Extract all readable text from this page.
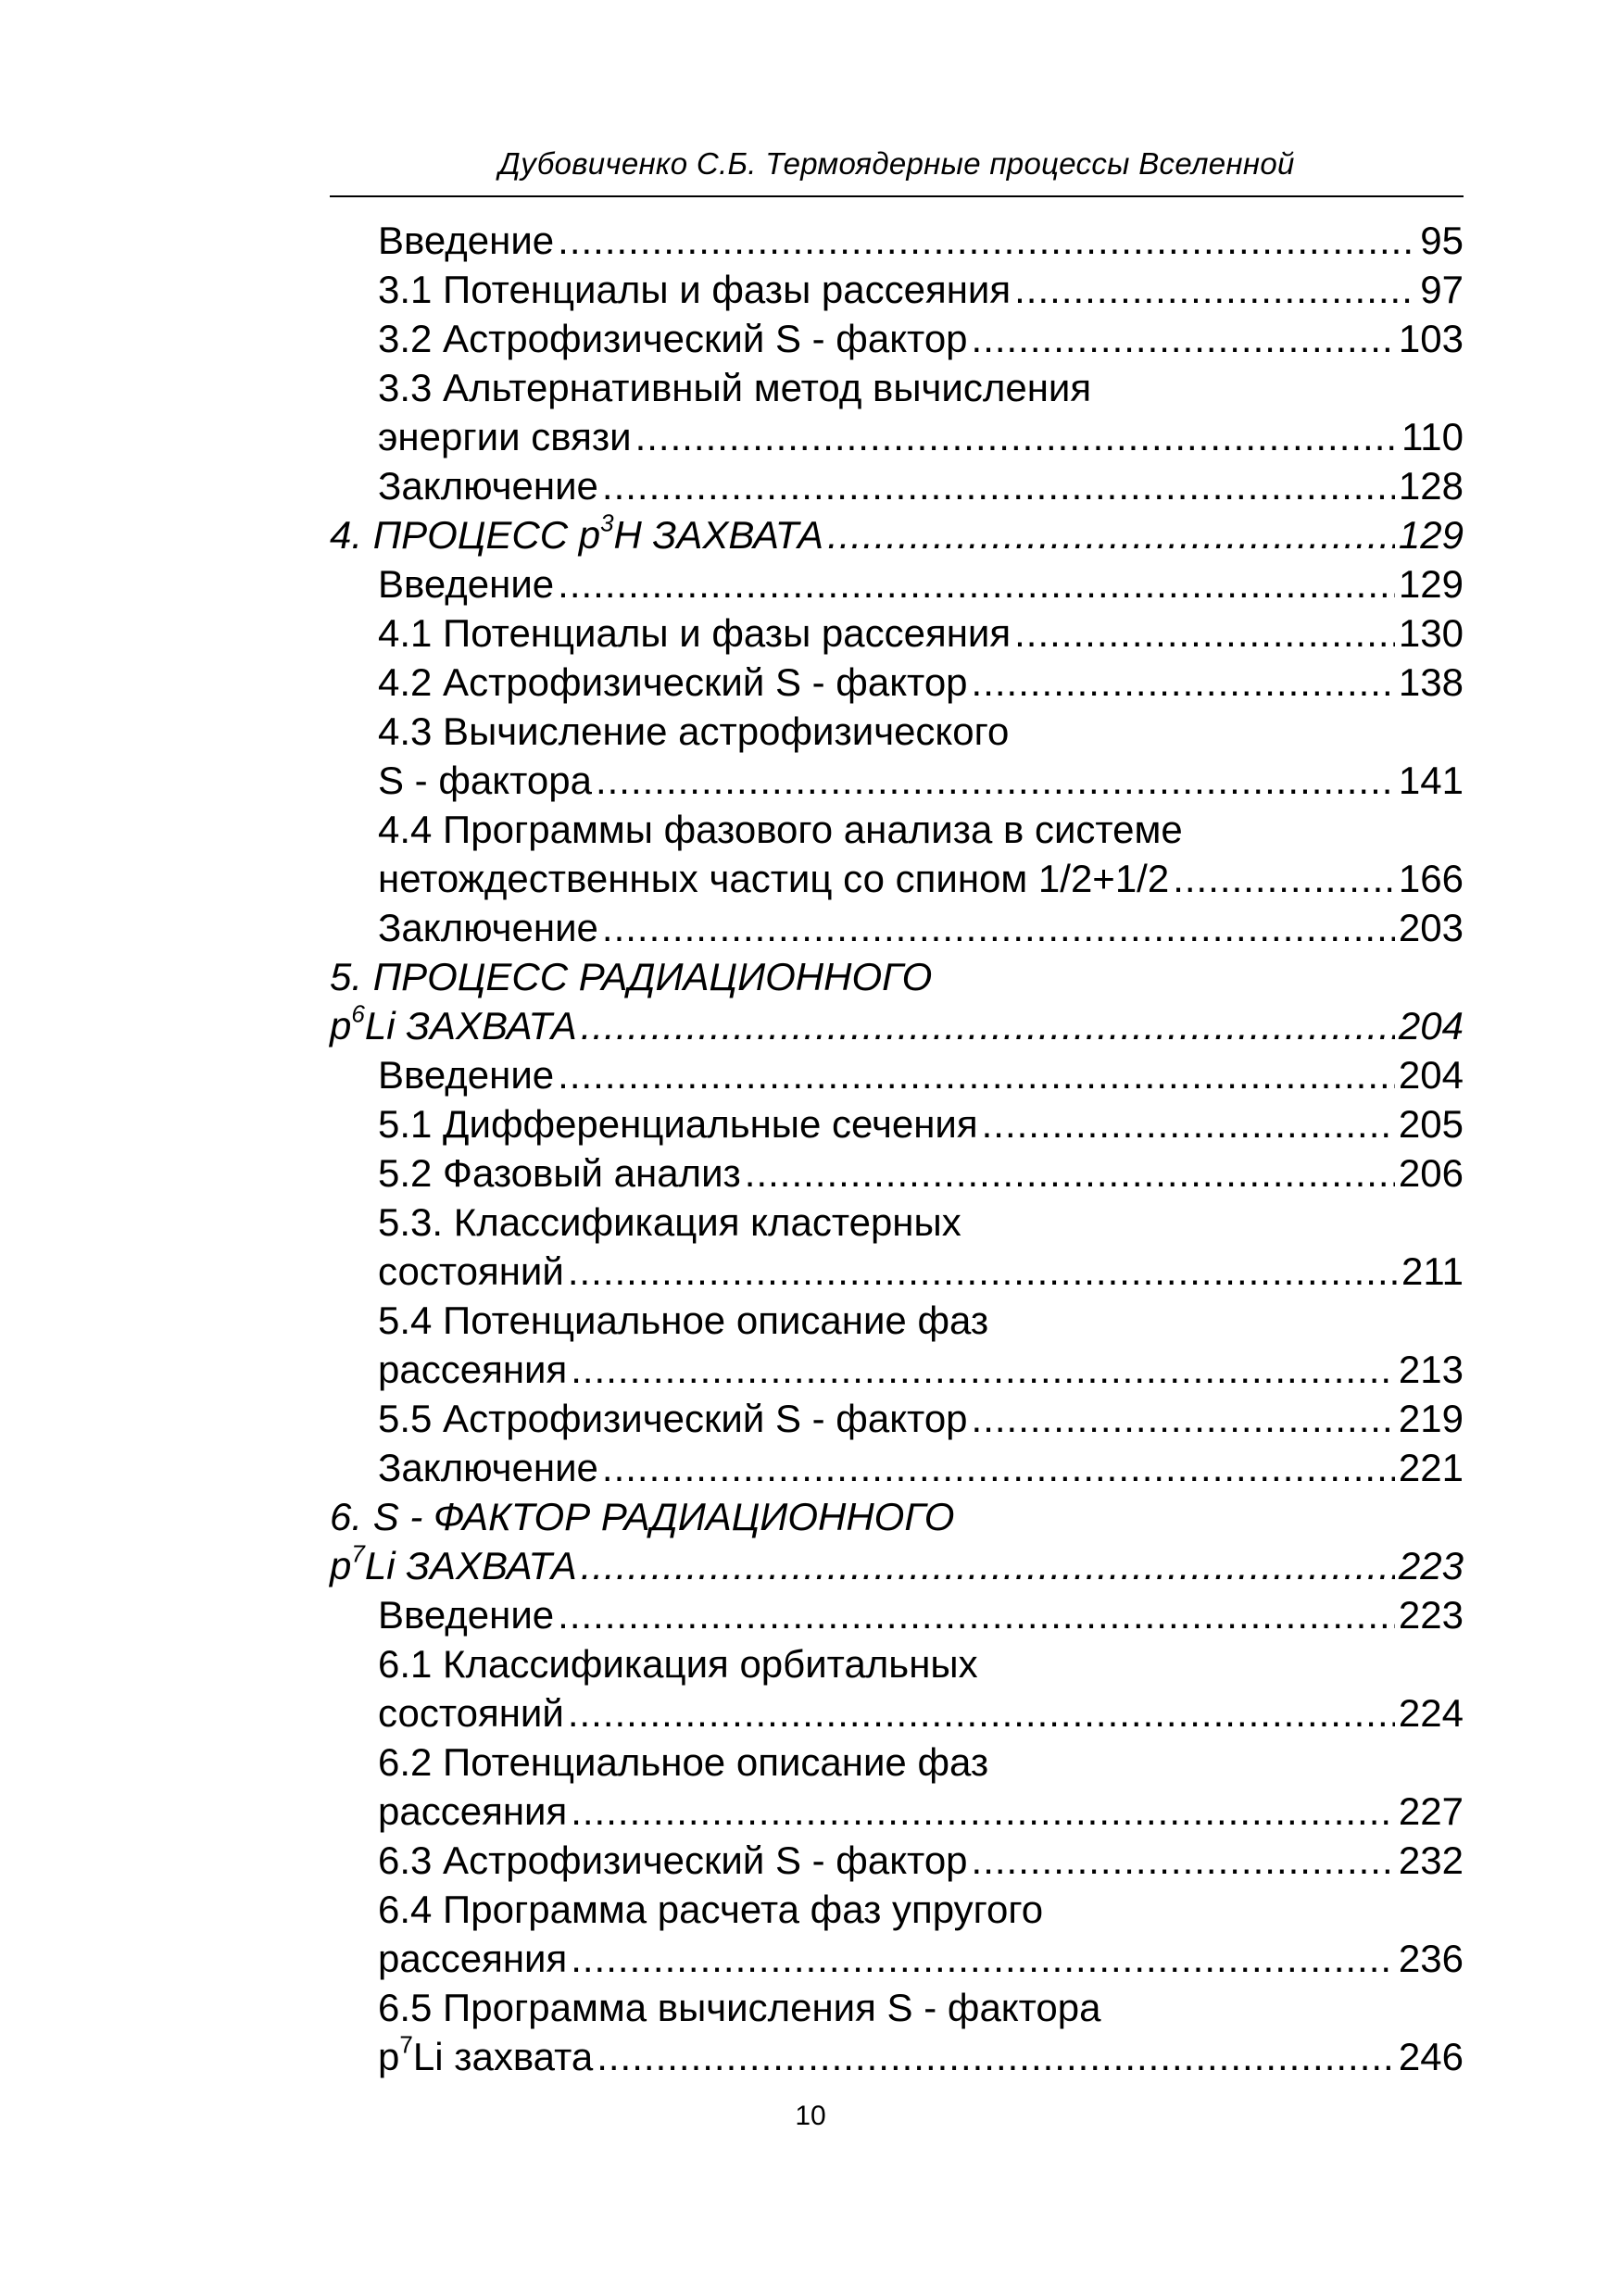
Дубовиченко С.Б. Термоядерные процессы Вселенной
Введение .....	95
3.1 Потенциалы и фазы рассеяния .....	97
3.2 Астрофизический S - фактор .....	103
3.3 Альтернативный метод вычисления
энергии связи .....	110
Заключение .....	128
4. ПРОЦЕСС $p^3H$ ЗАХВАТА .....	129
Введение .....	129
4.1 Потенциалы и фазы рассеяния .....	130
4.2 Астрофизический S - фактор .....	138
4.3 Вычисление астрофизического
S - фактора .....	141
4.4 Программы фазового анализа в системе
нетождественных частиц со спином 1/2+1/2 .....	166
Заключение .....	203
5. ПРОЦЕСС РАДИАЦИОННОГО
$p^6Li$ ЗАХВАТА .....	204
Введение .....	204
5.1 Дифференциальные сечения .....	205
5.2 Фазовый анализ .....	206
5.3. Классификация кластерных
состояний .....	211
5.4 Потенциальное описание фаз
рассеяния .....	213
5.5 Астрофизический S - фактор .....	219
Заключение .....	221
6. S - ФАКТОР РАДИАЦИОННОГО
$p^7Li$ ЗАХВАТА .....	223
Введение .....	223
6.1 Классификация орбитальных
состояний .....	224
6.2 Потенциальное описание фаз
рассеяния .....	227
6.3 Астрофизический S - фактор .....	232
6.4 Программа расчета фаз упругого
рассеяния .....	236
6.5 Программа вычисления S - фактора
$p^7Li$ захвата .....	246
10
